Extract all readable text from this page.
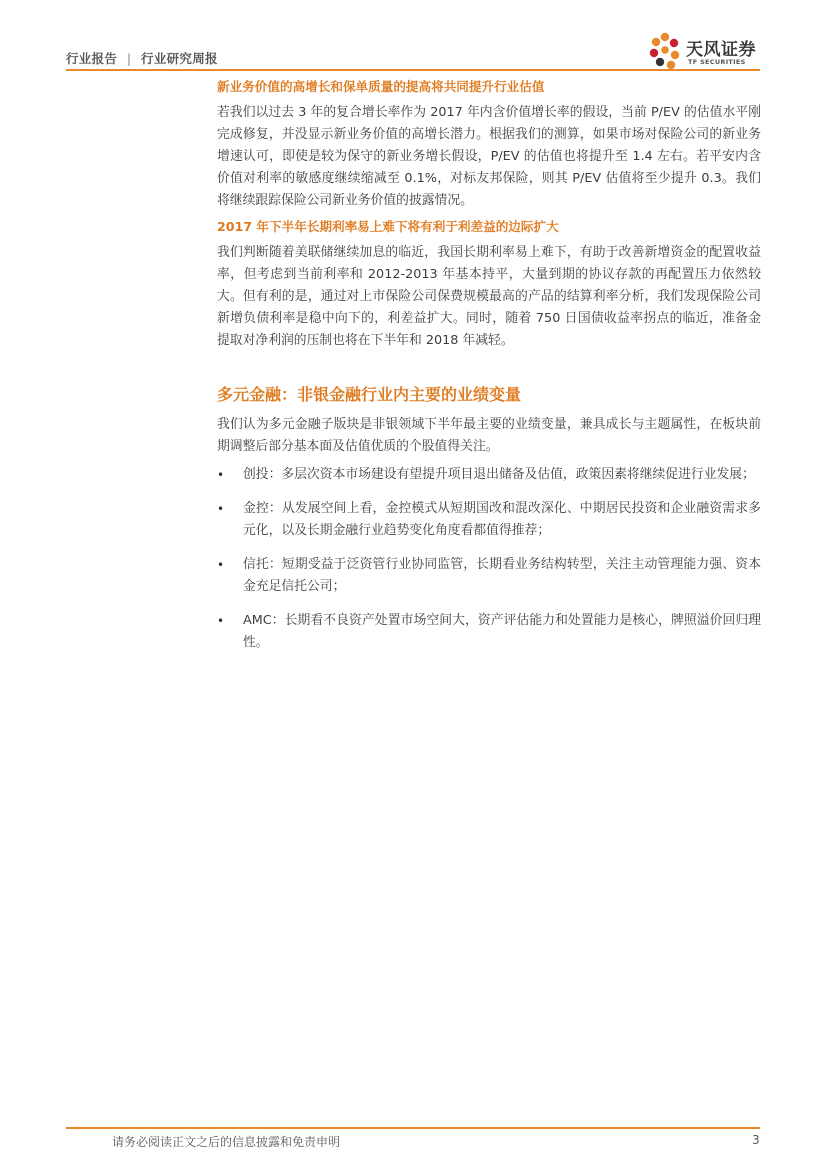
行业报告 | 行业研究周报	天风证券
TF SECURITIES
新业务价值的高增长和保单质量的提高将共同提升行业估值

若我们以过去 3 年的复合增长率作为 2017 年内含价值增长率的假设，当前 P/EV 的估值水平刚完成修复，并没显示新业务价值的高增长潜力。根据我们的测算，如果市场对保险公司的新业务增速认可，即使是较为保守的新业务增长假设，P/EV 的估值也将提升至 1.4 左右。若平安内含价值对利率的敏感度继续缩减至 0.1%，对标友邦保险，则其 P/EV 估值将至少提升 0.3。我们将继续跟踪保险公司新业务价值的披露情况。

2017 年下半年长期利率易上难下将有利于利差益的边际扩大

我们判断随着美联储继续加息的临近，我国长期利率易上难下，有助于改善新增资金的配置收益率，但考虑到当前利率和 2012-2013 年基本持平，大量到期的协议存款的再配置压力依然较大。但有利的是，通过对上市保险公司保费规模最高的产品的结算利率分析，我们发现保险公司新增负债利率是稳中向下的，利差益扩大。同时，随着 750 日国债收益率拐点的临近，准备金提取对净利润的压制也将在下半年和 2018 年减轻。

多元金融：非银金融行业内主要的业绩变量

我们认为多元金融子版块是非银领域下半年最主要的业绩变量，兼具成长与主题属性，在板块前期调整后部分基本面及估值优质的个股值得关注。

• 创投：多层次资本市场建设有望提升项目退出储备及估值，政策因素将继续促进行业发展；

• 金控：从发展空间上看，金控模式从短期国改和混改深化、中期居民投资和企业融资需求多元化，以及长期金融行业趋势变化角度看都值得推荐；

• 信托：短期受益于泛资管行业协同监管，长期看业务结构转型，关注主动管理能力强、资本金充足信托公司；

• AMC：长期看不良资产处置市场空间大，资产评估能力和处置能力是核心，牌照溢价回归理性。

请务必阅读正文之后的信息披露和免责申明	3
